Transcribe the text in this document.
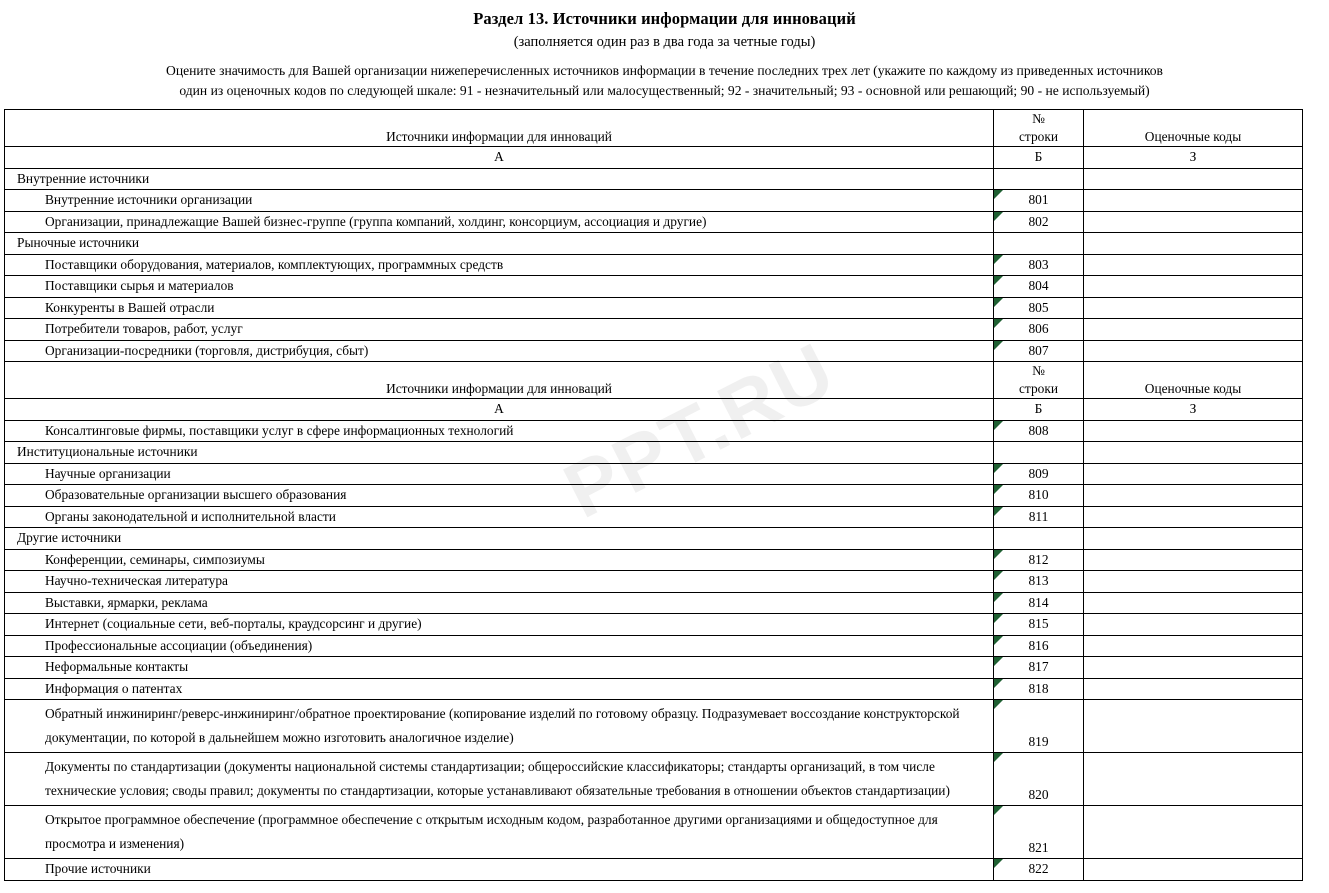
PPT.RU
Раздел 13. Источники информации для инноваций
(заполняется один раз в два года за четные годы)
Оцените значимость для Вашей организации нижеперечисленных источников информации в течение последних трех лет (укажите по каждому из приведенных источников
один из оценочных кодов по следующей шкале: 91 - незначительный или малосущественный; 92 - значительный; 93 - основной или решающий; 90 - не используемый)
Источники информации для инноваций	№
строки	Оценочные коды

А	Б	З

Внутренние источники		

Внутренние источники организации	801	

Организации, принадлежащие Вашей бизнес-группе (группа компаний, холдинг, консорциум, ассоциация и другие)	802	

Рыночные источники		

Поставщики оборудования, материалов, комплектующих, программных средств	803	

Поставщики сырья и материалов	804	

Конкуренты в Вашей отрасли	805	

Потребители товаров, работ, услуг	806	

Организации-посредники (торговля, дистрибуция, сбыт)	807	

Источники информации для инноваций	№
строки	Оценочные коды

А	Б	З

Консалтинговые фирмы, поставщики услуг в сфере информационных технологий	808	

Институциональные источники		

Научные организации	809	

Образовательные организации высшего образования	810	

Органы законодательной и исполнительной власти	811	

Другие источники		

Конференции, семинары, симпозиумы	812	

Научно-техническая литература	813	

Выставки, ярмарки, реклама	814	

Интернет (социальные сети, веб-порталы, краудсорсинг и другие)	815	

Профессиональные ассоциации (объединения)	816	

Неформальные контакты	817	

Информация о патентах	818	

Обратный инжиниринг/реверс-инжиниринг/обратное проектирование (копирование изделий по готовому образцу. Подразумевает воссоздание конструкторской документации, по которой в дальнейшем можно изготовить аналогичное изделие)	819	

Документы по стандартизации (документы национальной системы стандартизации; общероссийские классификаторы; стандарты организаций, в том числе технические условия; своды правил; документы по стандартизации, которые устанавливают обязательные требования в отношении объектов стандартизации)	820	

Открытое программное обеспечение (программное обеспечение с открытым исходным кодом, разработанное другими организациями и общедоступное для просмотра и изменения)	821	

Прочие источники	822	
